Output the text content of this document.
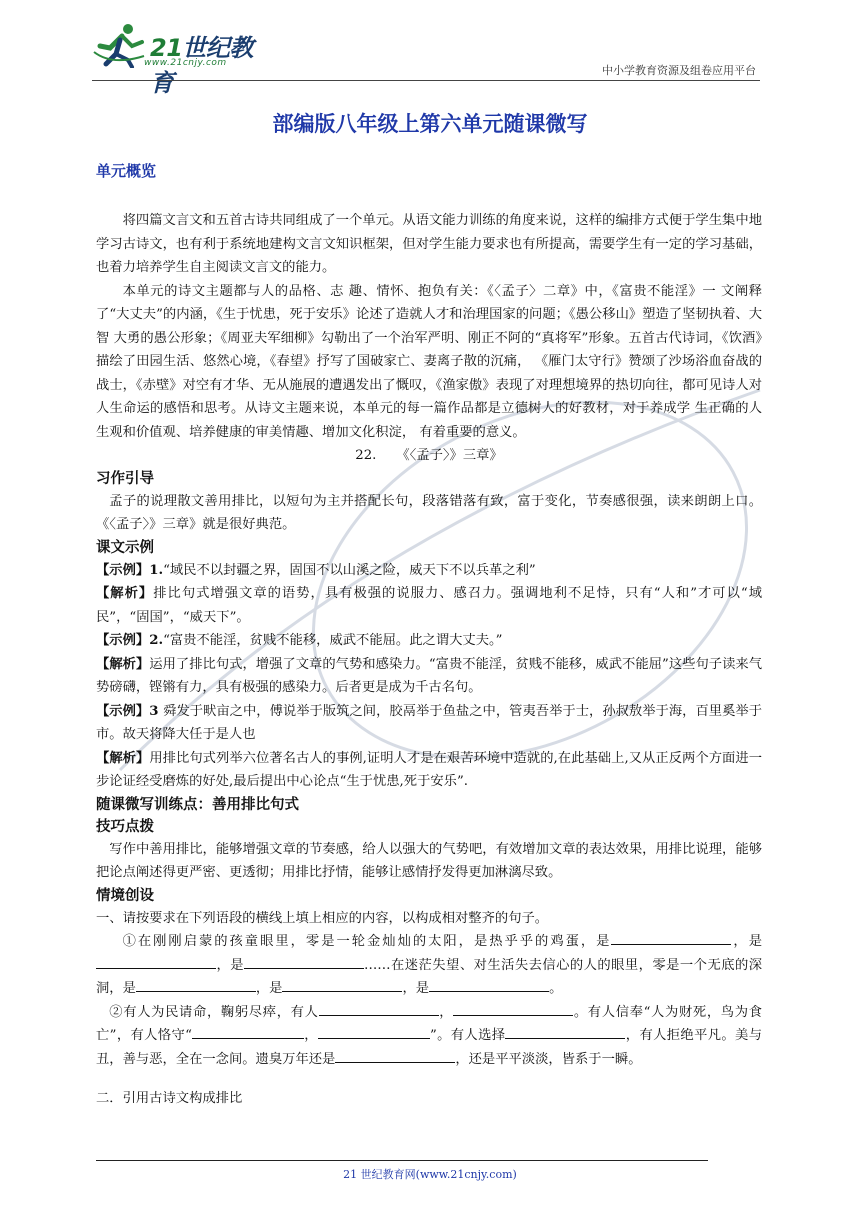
21世纪教育
www.21cnjy.com
中小学教育资源及组卷应用平台
部编版八年级上第六单元随课微写
单元概览

将四篇文言文和五首古诗共同组成了一个单元。从语文能力训练的角度来说，这样的编排方式便于学生集中地学习古诗文，也有利于系统地建构文言文知识框架，但对学生能力要求也有所提高，需要学生有一定的学习基础，也着力培养学生自主阅读文言文的能力。

本单元的诗文主题都与人的品格、志 趣、情怀、抱负有关：《〈孟子〉二章》中，《富贵不能淫》一 文阐释了“大丈夫”的内涵，《生于忧患，死于安乐》论述了造就人才和治理国家的问题；《愚公移山》塑造了坚韧执着、大智 大勇的愚公形象；《周亚夫军细柳》勾勒出了一个治军严明、刚正不阿的“真将军”形象。五首古代诗词，《饮酒》描绘了田园生活、悠然心境，《春望》抒写了国破家亡、妻离子散的沉痛， 《雁门太守行》赞颂了沙场浴血奋战的战士，《赤壁》对空有才华、无从施展的遭遇发出了慨叹，《渔家傲》表现了对理想境界的热切向往，都可见诗人对人生命运的感悟和思考。从诗文主题来说，本单元的每一篇作品都是立德树人的好教材，对于养成学 生正确的人生观和价值观、培养健康的审美情趣、增加文化积淀， 有着重要的意义。

22.　　《〈孟子〉》三章》

习作引导

孟子的说理散文善用排比，以短句为主并搭配长句，段落错落有致，富于变化，节奏感很强，读来朗朗上口。《〈孟子〉》三章》就是很好典范。

课文示例

【示例】1.“域民不以封疆之界，固国不以山溪之险，威天下不以兵革之利”

【解析】排比句式增强文章的语势，具有极强的说服力、感召力。强调地利不足恃，只有“人和”才可以“域民”，“固国”，“威天下”。

【示例】2.“富贵不能淫，贫贱不能移，威武不能屈。此之谓大丈夫。”

【解析】运用了排比句式，增强了文章的气势和感染力。“富贵不能淫，贫贱不能移，威武不能屈”这些句子读来气势磅礴，铿锵有力，具有极强的感染力。后者更是成为千古名句。

【示例】3 舜发于畎亩之中，傅说举于版筑之间，胶鬲举于鱼盐之中，管夷吾举于士，孙叔敖举于海，百里奚举于市。故天将降大任于是人也

【解析】用排比句式列举六位著名古人的事例,证明人才是在艰苦环境中造就的,在此基础上,又从正反两个方面进一步论证经受磨炼的好处,最后提出中心论点“生于忧患,死于安乐”.

随课微写训练点：善用排比句式
技巧点拨

写作中善用排比，能够增强文章的节奏感，给人以强大的气势吧，有效增加文章的表达效果，用排比说理，能够把论点阐述得更严密、更透彻；用排比抒情，能够让感情抒发得更加淋漓尽致。

情境创设

一、请按要求在下列语段的横线上填上相应的内容，以构成相对整齐的句子。

①在刚刚启蒙的孩童眼里，零是一轮金灿灿的太阳，是热乎乎的鸡蛋，是	，是，是	……在迷茫失望、对生活失去信心的人的眼里，零是一个无底的深洞，是	，是	，是	。

②有人为民请命，鞠躬尽瘁，有人	，	。有人信奉“人为财死，鸟为食亡”，有人恪守“	，	”。有人选择	，有人拒绝平凡。美与丑，善与恶，全在一念间。遗臭万年还是	，还是平平淡淡，皆系于一瞬。

二．引用古诗文构成排比

21 世纪教育网(www.21cnjy.com)
